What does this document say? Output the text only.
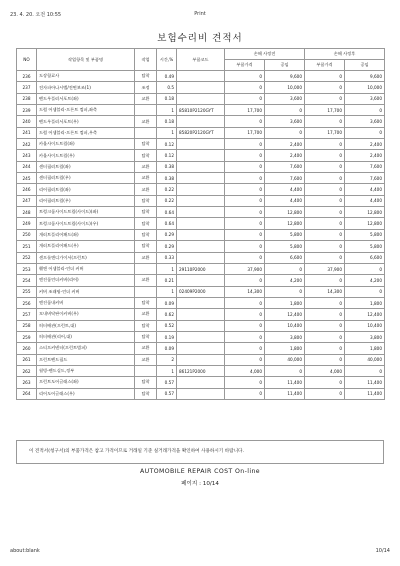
23. 4. 20. 오전 10:55	Print
보험수리비 견적서
NO	작업항목 및 부품명	작업	시간,%	부품코드	손해 사정전		손해 사정후	
					부품가격	공임	부품가격	공임
236	도장합료사	탈착	0.49		0	9,600	0	9,600
237	전자파아나시벨/전면보조(1)	조정	0.5		0	10,000	0	10,000
238	펜드우플러서포트(좌)	교환	0.18		0	3,600	0	3,600
239	드럼 어셈블리-프론트 컴퍼,좌측		1	85810P2120GYT	17,700	0	17,700	0
240	펜드우플러서포트(우)	교환	0.18		0	3,600	0	3,600
241	드럼 어셈블리-프론트 컴퍼,우측		1	85820P2120GYT	17,700	0	17,700	0
242	카울사이드트림(좌)	탈착	0.12		0	2,400	0	2,400
243	카울사이드트림(우)	탈착	0.12		0	2,400	0	2,400
244	센터필러트림(좌)	교환	0.38		0	7,600	0	7,600
245	센터필러트림(우)	교환	0.38		0	7,600	0	7,600
246	리어필러트림(좌)	교환	0.22		0	4,400	0	4,400
247	리어필러트림(우)	탈착	0.22		0	4,400	0	4,400
248	트렁크룸사이드트림(사이드)(좌)	탈착	0.64		0	12,800	0	12,800
249	트렁크룸사이드트림(사이드)(우)	탈착	0.64		0	12,800	0	12,800
250	개러트플리어패드(좌)	탈착	0.29		0	5,800	0	5,800
251	개러트플리어패드(우)	탈착	0.29		0	5,800	0	5,800
252	센프롤앤디가이서(프런트)	교환	0.33		0	6,600	0	6,600
253	휀앤 어셈블리-언더 커버		1	29110P2000	37,900	0	37,900	0
254	엔진룸언더커버(리어)	교환	0.21		0	4,200	0	4,200
255	커버 조래핑-언더 커버		1	02409P2000	14,300	0	14,300	0
256	엔진룸내커버	탈착	0.09		0	1,800	0	1,800
257	모내버닥판이커버(우)	교환	0.62		0	12,400	0	12,400
258	히터배관(프런트,대)	탈착	0.52		0	10,400	0	10,400
259	히터배관(리어,대)	탈착	0.19		0	3,800	0	3,800
260	스티프커넨터(프런트범퍼)	교환	0.09		0	1,800	0	1,800
261	프런트펜드필드	교환	2		0	40,000	0	40,000
262	월빙-펜드실드,정부		1	86121P2000	4,000	0	4,000	0
263	프런트도어글래스(좌)	탈착	0.57		0	11,400	0	11,400
264	리어도어글래스(우)	탈착	0.57		0	11,400	0	11,400
이 견적서(청구서)의 부품가격은 참고 가격이므로 거래일 기준 실거래가격을 확인하여 사용하시기 바랍니다.
AUTOMOBILE REPAIR COST On-line
페이지 : 10/14
about:blank	10/14
